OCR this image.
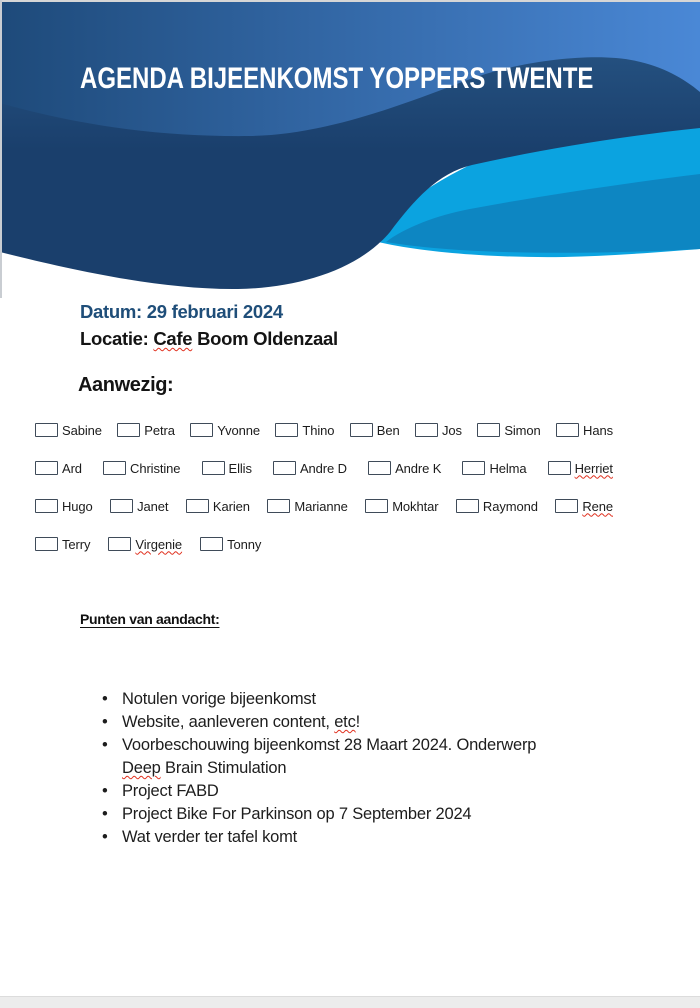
AGENDA BIJEENKOMST YOPPERS TWENTE
Datum: 29 februari 2024
Locatie: Cafe Boom Oldenzaal
Aanwezig:
Sabine	Petra	Yvonne	Thino	Ben	Jos	Simon	Hans
Ard	Christine	Ellis	Andre D	Andre K	Helma	Herriet
Hugo	Janet	Karien	Marianne	Mokhtar	Raymond	Rene
Terry	Virgenie	Tonny
Punten van aandacht:
• Notulen vorige bijeenkomst
• Website, aanleveren content, etc!
• Voorbeschouwing bijeenkomst 28 Maart 2024. Onderwerp Deep Brain Stimulation
• Project FABD
• Project Bike For Parkinson op 7 September 2024
• Wat verder ter tafel komt
